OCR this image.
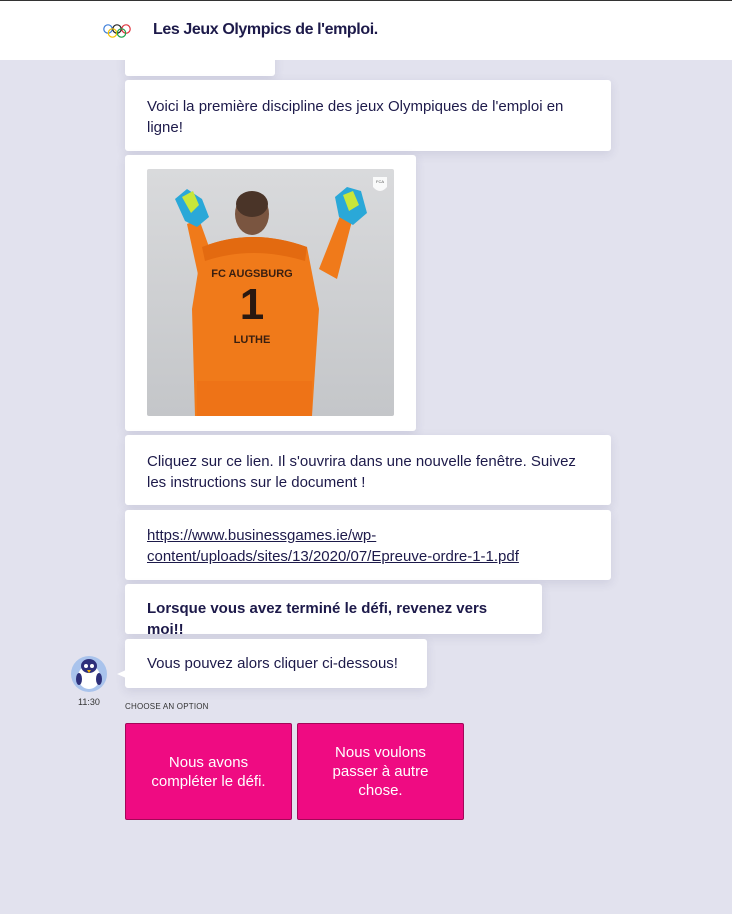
Les Jeux Olympics de l'emploi.
Voici la première discipline des jeux Olympiques de l'emploi en ligne!
FC AUGSBURG
1
LUTHE
FCA
Cliquez sur ce lien. Il s'ouvrira dans une nouvelle fenêtre. Suivez les instructions sur le document !
https://www.businessgames.ie/wp-content/uploads/sites/13/2020/07/Epreuve-ordre-1-1.pdf
Lorsque vous avez terminé le défi, revenez vers moi!!
Vous pouvez alors cliquer ci-dessous!
11:30	CHOOSE AN OPTION
Nous avons compléter le défi.
Nous voulons passer à autre chose.
